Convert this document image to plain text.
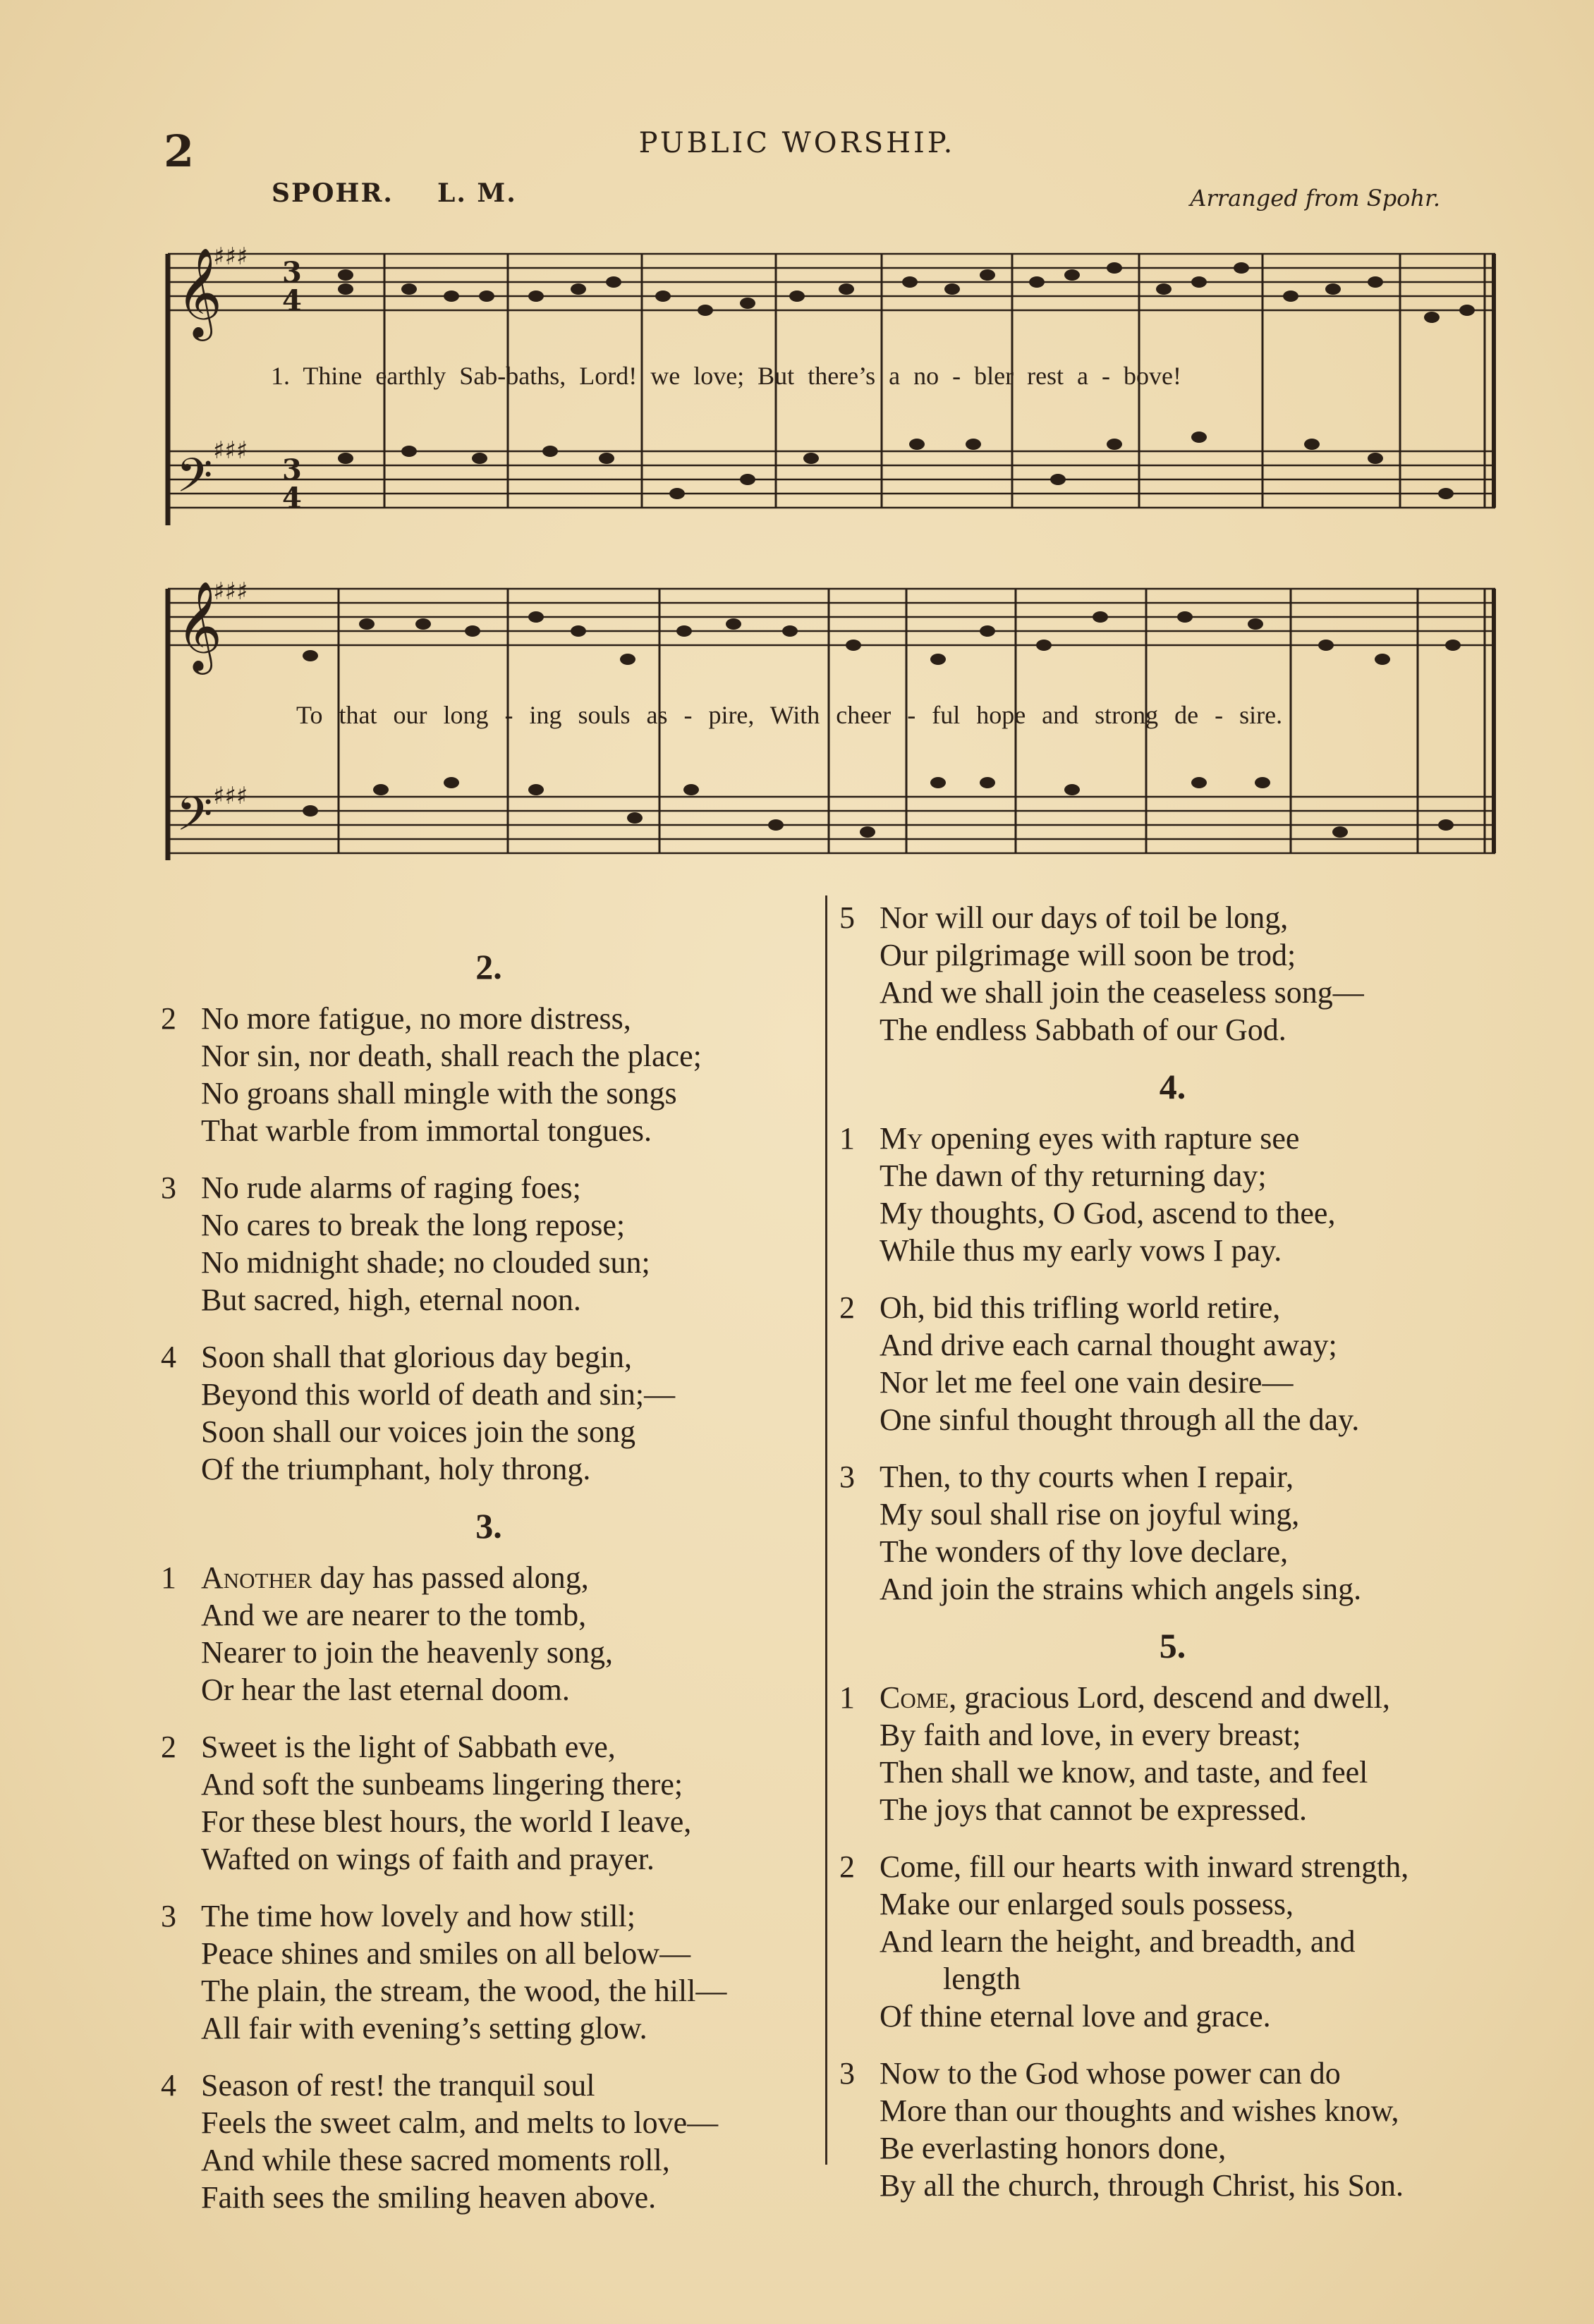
2	PUBLIC WORSHIP.
SPOHR. L. M.	Arranged from Spohr.
𝄞
𝄢
𝄞
𝄢
♯♯♯
♯♯♯
♯♯♯
♯♯♯
3
4
3
4
1. Thine earthly Sab-baths, Lord! we love; But there’s a no - bler rest a - bove!
To that our long - ing souls as - pire, With cheer - ful hope and strong de - sire.
2.
2 No more fatigue, no more distress,
Nor sin, nor death, shall reach the place;
No groans shall mingle with the songs
That warble from immortal tongues.
3 No rude alarms of raging foes;
No cares to break the long repose;
No midnight shade; no clouded sun;
But sacred, high, eternal noon.
4 Soon shall that glorious day begin,
Beyond this world of death and sin;—
Soon shall our voices join the song
Of the triumphant, holy throng.
3.
1 Another day has passed along,
And we are nearer to the tomb,
Nearer to join the heavenly song,
Or hear the last eternal doom.
2 Sweet is the light of Sabbath eve,
And soft the sunbeams lingering there;
For these blest hours, the world I leave,
Wafted on wings of faith and prayer.
3 The time how lovely and how still;
Peace shines and smiles on all below—
The plain, the stream, the wood, the hill—
All fair with evening’s setting glow.
4 Season of rest! the tranquil soul
Feels the sweet calm, and melts to love—
And while these sacred moments roll,
Faith sees the smiling heaven above.
5 Nor will our days of toil be long,
Our pilgrimage will soon be trod;
And we shall join the ceaseless song—
The endless Sabbath of our God.
4.
1 My opening eyes with rapture see
The dawn of thy returning day;
My thoughts, O God, ascend to thee,
While thus my early vows I pay.
2 Oh, bid this trifling world retire,
And drive each carnal thought away;
Nor let me feel one vain desire—
One sinful thought through all the day.
3 Then, to thy courts when I repair,
My soul shall rise on joyful wing,
The wonders of thy love declare,
And join the strains which angels sing.
5.
1 Come, gracious Lord, descend and dwell,
By faith and love, in every breast;
Then shall we know, and taste, and feel
The joys that cannot be expressed.
2 Come, fill our hearts with inward strength,
Make our enlarged souls possess,
And learn the height, and breadth, and
length
Of thine eternal love and grace.
3 Now to the God whose power can do
More than our thoughts and wishes know,
Be everlasting honors done,
By all the church, through Christ, his Son.
